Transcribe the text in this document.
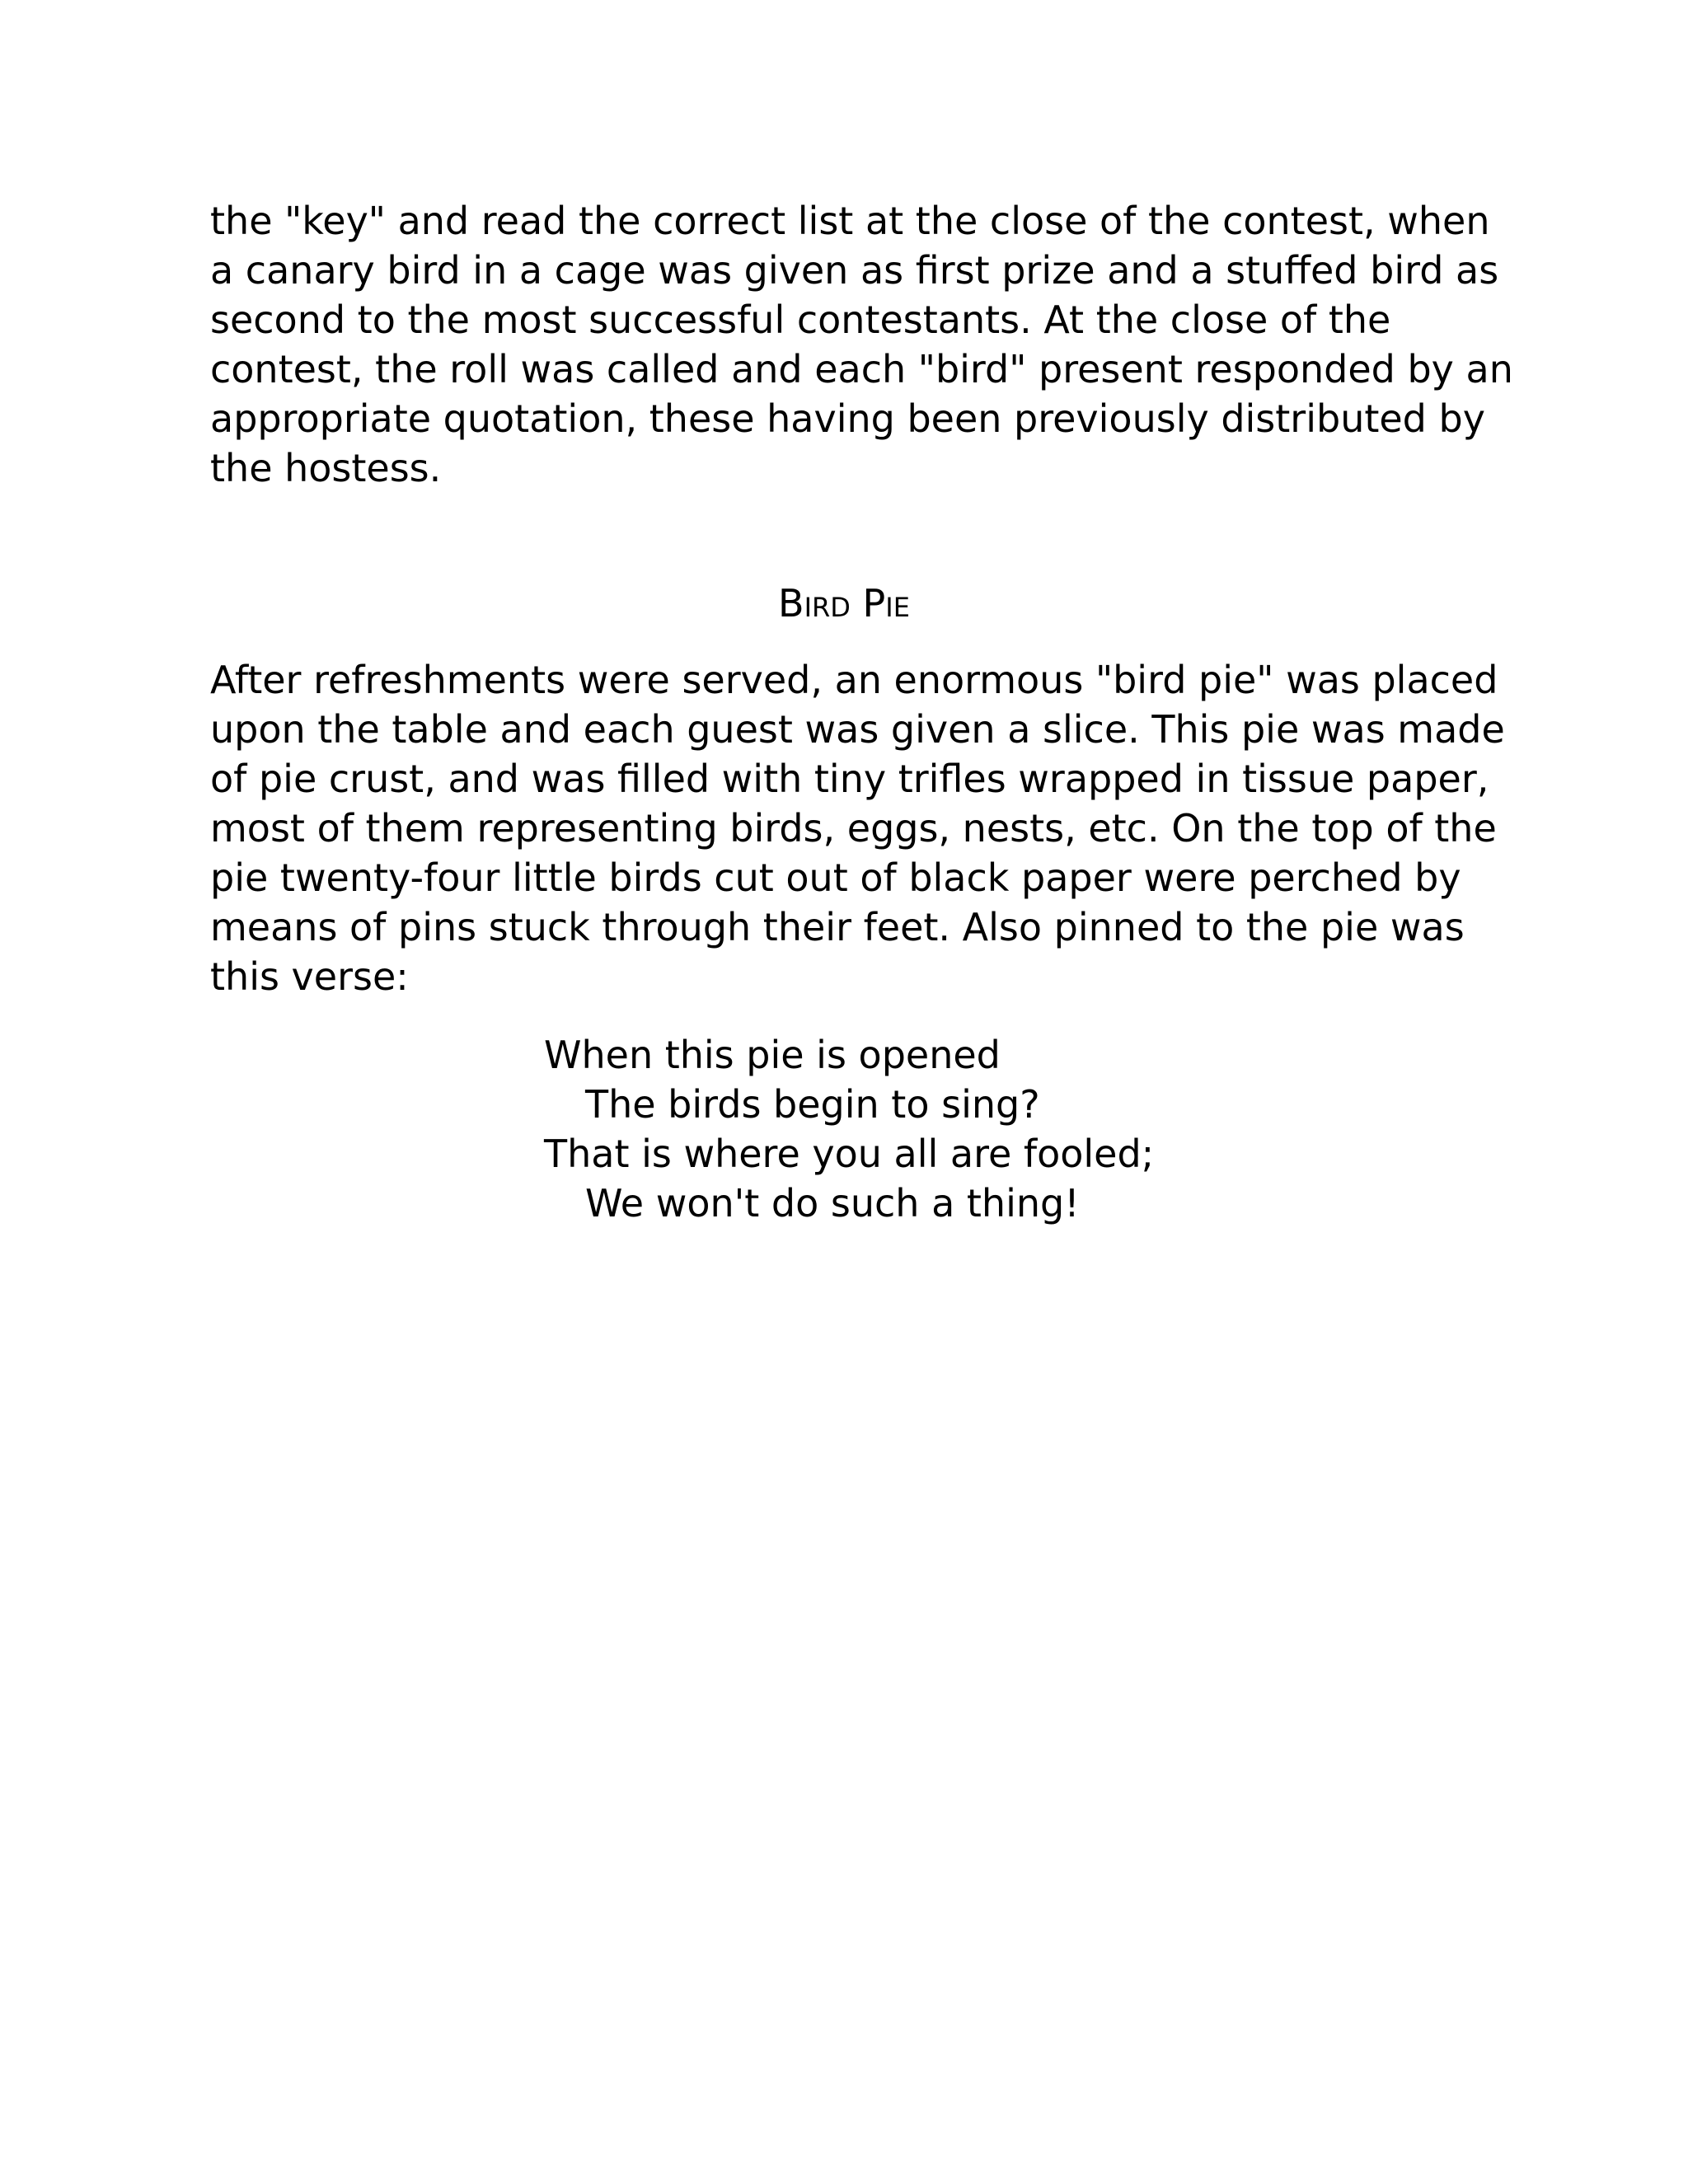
the "key" and read the correct list at the close of the contest, when
a canary bird in a cage was given as first prize and a stuffed bird as
second to the most successful contestants. At the close of the
contest, the roll was called and each "bird" present responded by an
appropriate quotation, these having been previously distributed by
the hostess.

Bird Pie

After refreshments were served, an enormous "bird pie" was placed
upon the table and each guest was given a slice. This pie was made
of pie crust, and was filled with tiny trifles wrapped in tissue paper,
most of them representing birds, eggs, nests, etc. On the top of the
pie twenty-four little birds cut out of black paper were perched by
means of pins stuck through their feet. Also pinned to the pie was
this verse:

When this pie is opened
The birds begin to sing?
That is where you all are fooled;
We won't do such a thing!
